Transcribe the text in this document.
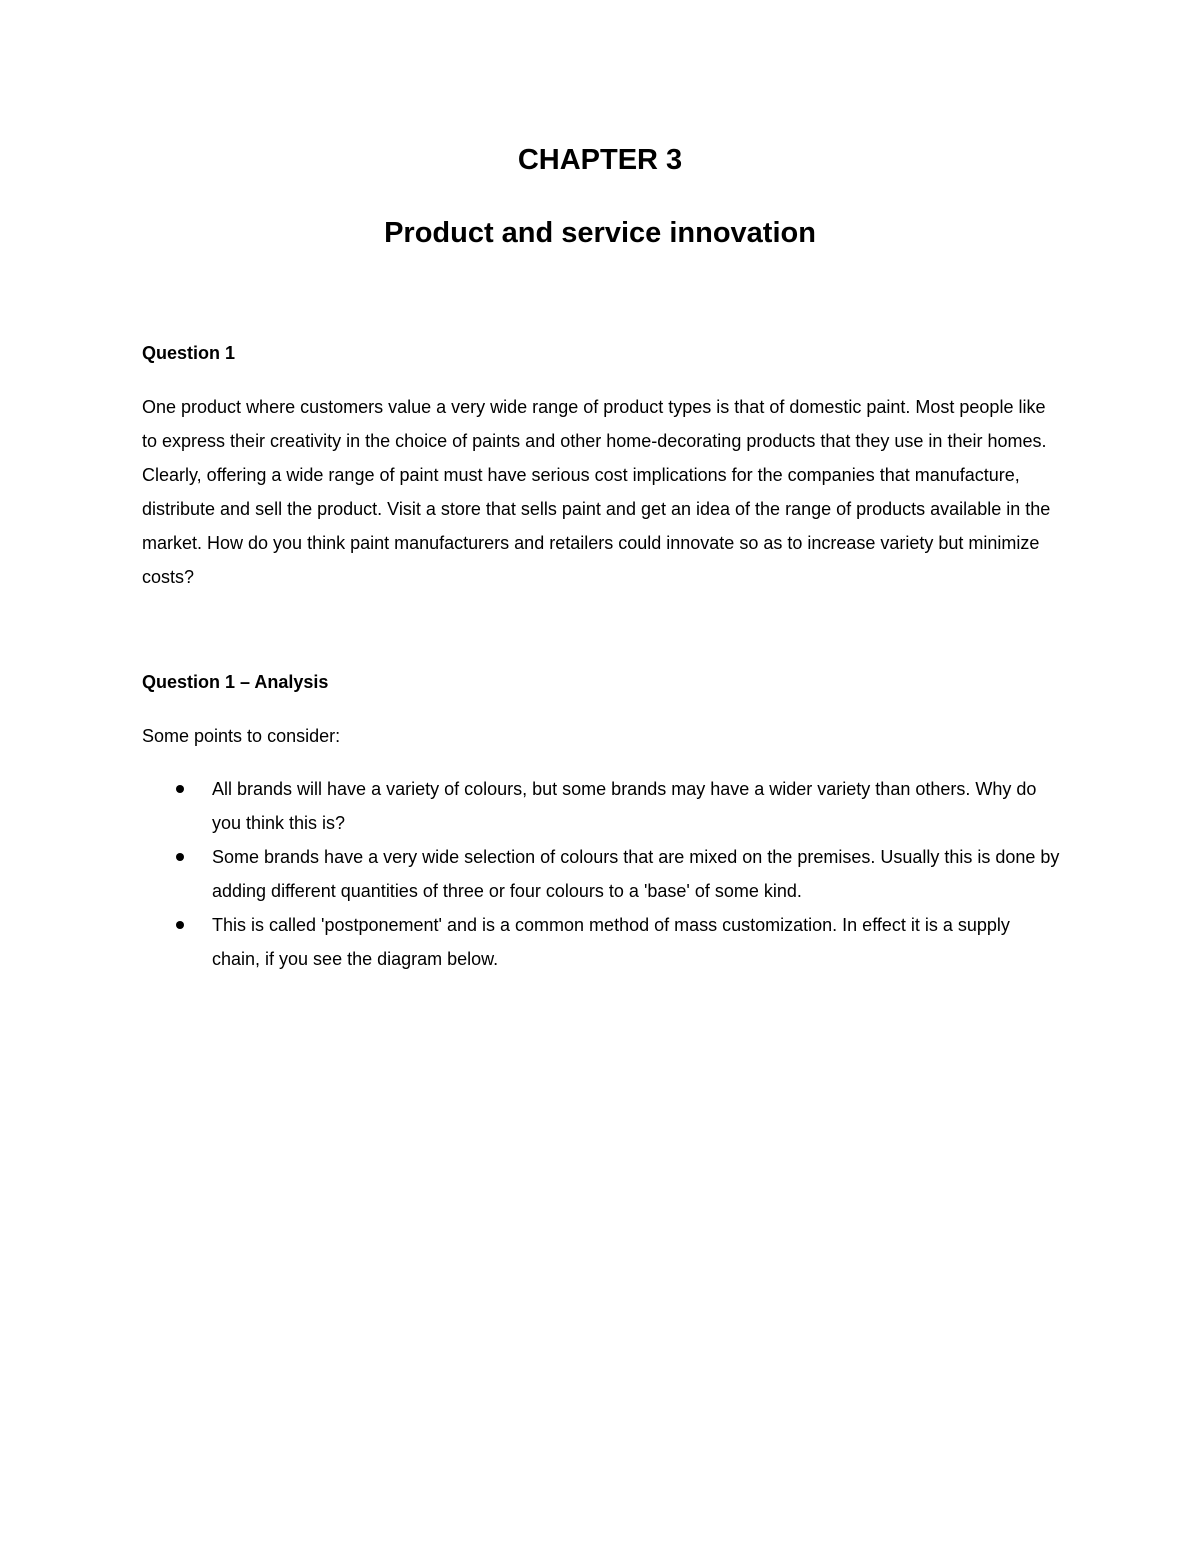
CHAPTER 3
Product and service innovation
Question 1

One product where customers value a very wide range of product types is that of domestic paint. Most people like to express their creativity in the choice of paints and other home-decorating products that they use in their homes. Clearly, offering a wide range of paint must have serious cost implications for the companies that manufacture, distribute and sell the product. Visit a store that sells paint and get an idea of the range of products available in the market. How do you think paint manufacturers and retailers could innovate so as to increase variety but minimize costs?

Question 1 – Analysis

Some points to consider:

All brands will have a variety of colours, but some brands may have a wider variety than others. Why do you think this is?
Some brands have a very wide selection of colours that are mixed on the premises. Usually this is done by adding different quantities of three or four colours to a 'base' of some kind.
This is called 'postponement' and is a common method of mass customization. In effect it is a supply chain, if you see the diagram below.
